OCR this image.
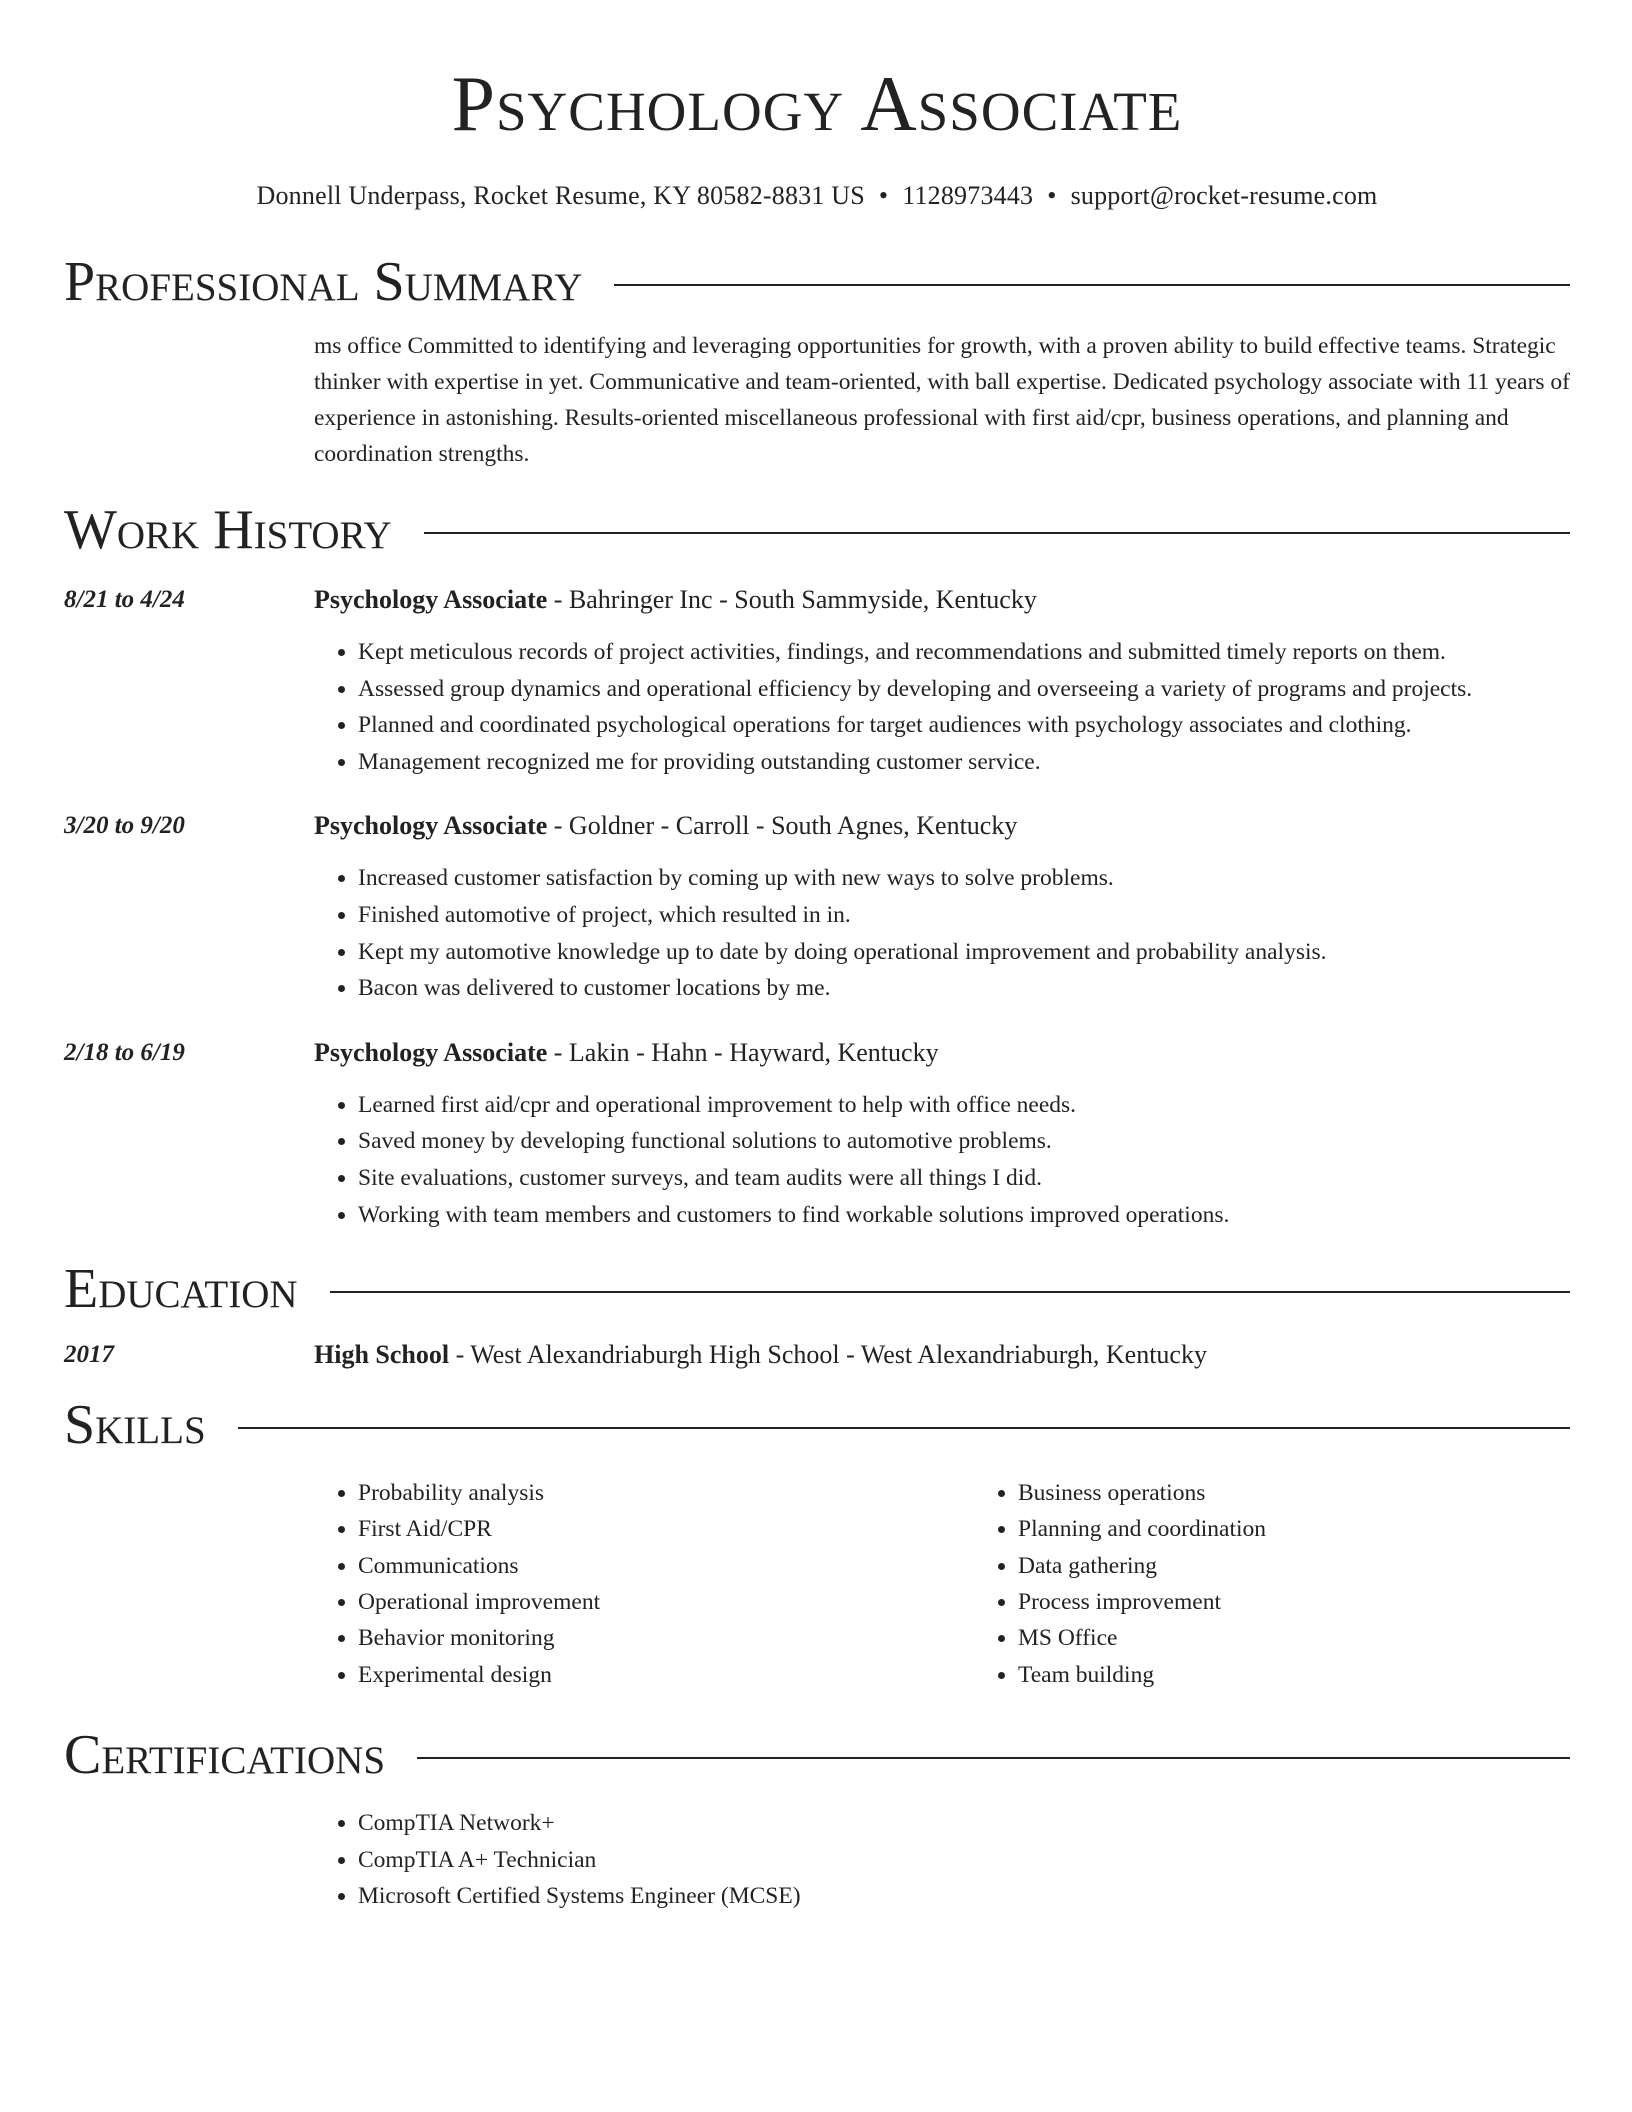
Psychology Associate
Donnell Underpass, Rocket Resume, KY 80582-8831 US • 1128973443 • support@rocket-resume.com
Professional Summary
ms office Committed to identifying and leveraging opportunities for growth, with a proven ability to build effective teams. Strategic thinker with expertise in yet. Communicative and team-oriented, with ball expertise. Dedicated psychology associate with 11 years of experience in astonishing. Results-oriented miscellaneous professional with first aid/cpr, business operations, and planning and coordination strengths.
Work History
8/21 to 4/24	Psychology Associate - Bahringer Inc - South Sammyside, Kentucky
• Kept meticulous records of project activities, findings, and recommendations and submitted timely reports on them.
• Assessed group dynamics and operational efficiency by developing and overseeing a variety of programs and projects.
• Planned and coordinated psychological operations for target audiences with psychology associates and clothing.
• Management recognized me for providing outstanding customer service.
3/20 to 9/20	Psychology Associate - Goldner - Carroll - South Agnes, Kentucky
• Increased customer satisfaction by coming up with new ways to solve problems.
• Finished automotive of project, which resulted in in.
• Kept my automotive knowledge up to date by doing operational improvement and probability analysis.
• Bacon was delivered to customer locations by me.
2/18 to 6/19	Psychology Associate - Lakin - Hahn - Hayward, Kentucky
• Learned first aid/cpr and operational improvement to help with office needs.
• Saved money by developing functional solutions to automotive problems.
• Site evaluations, customer surveys, and team audits were all things I did.
• Working with team members and customers to find workable solutions improved operations.
Education
2017	High School - West Alexandriaburgh High School - West Alexandriaburgh, Kentucky
Skills
• Probability analysis
• First Aid/CPR
• Communications
• Operational improvement
• Behavior monitoring
• Experimental design
• Business operations
• Planning and coordination
• Data gathering
• Process improvement
• MS Office
• Team building
Certifications
• CompTIA Network+
• CompTIA A+ Technician
• Microsoft Certified Systems Engineer (MCSE)
